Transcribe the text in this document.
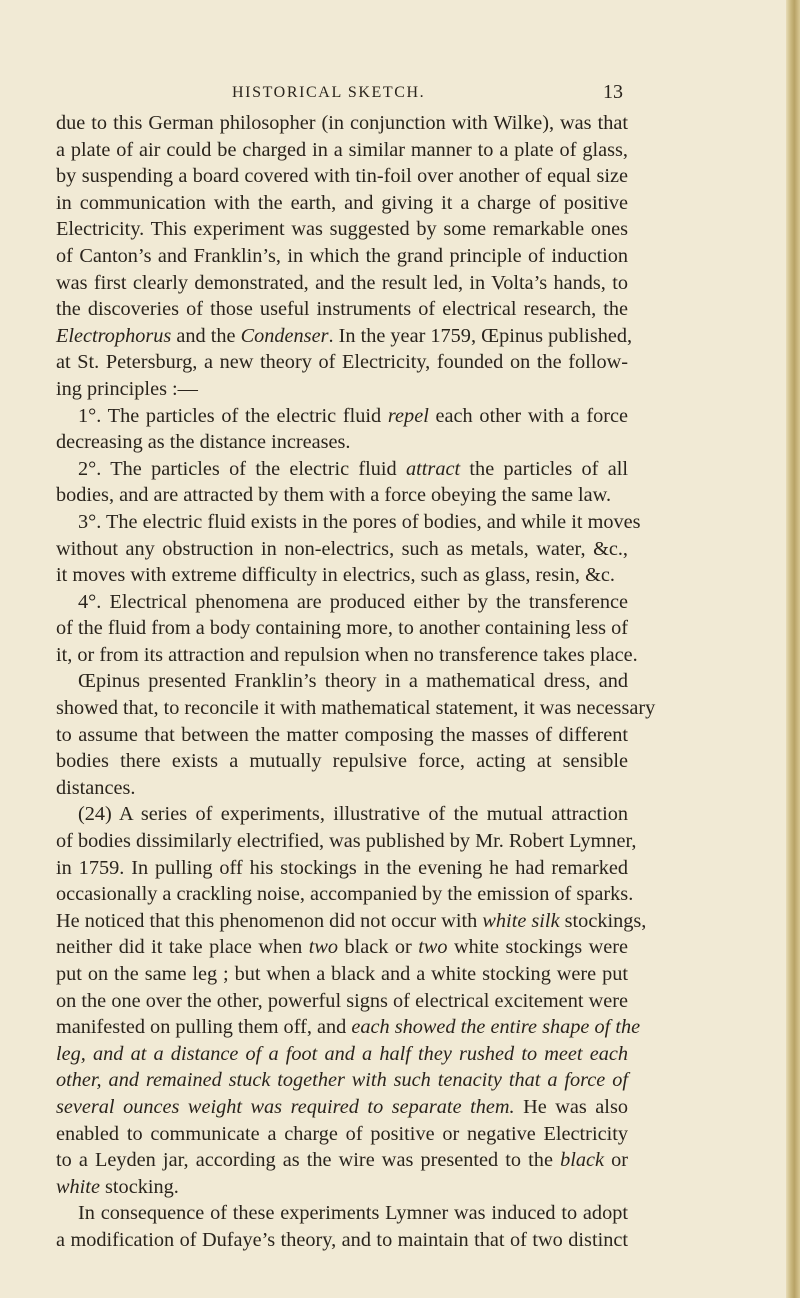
HISTORICAL SKETCH.	13
due to this German philosopher (in conjunction with Wilke), was that
a plate of air could be charged in a similar manner to a plate of glass,
by suspending a board covered with tin-foil over another of equal size
in communication with the earth, and giving it a charge of positive
Electricity. This experiment was suggested by some remarkable ones
of Canton’s and Franklin’s, in which the grand principle of induction
was first clearly demonstrated, and the result led, in Volta’s hands, to
the discoveries of those useful instruments of electrical research, the
Electrophorus and the Condenser. In the year 1759, Œpinus published,
at St. Petersburg, a new theory of Electricity, founded on the follow-
ing principles :—
1°. The particles of the electric fluid repel each other with a force
decreasing as the distance increases.
2°. The particles of the electric fluid attract the particles of all
bodies, and are attracted by them with a force obeying the same law.
3°. The electric fluid exists in the pores of bodies, and while it moves
without any obstruction in non-electrics, such as metals, water, &c.,
it moves with extreme difficulty in electrics, such as glass, resin, &c.
4°. Electrical phenomena are produced either by the transference
of the fluid from a body containing more, to another containing less of
it, or from its attraction and repulsion when no transference takes place.
Œpinus presented Franklin’s theory in a mathematical dress, and
showed that, to reconcile it with mathematical statement, it was necessary
to assume that between the matter composing the masses of different
bodies there exists a mutually repulsive force, acting at sensible
distances.
(24) A series of experiments, illustrative of the mutual attraction
of bodies dissimilarly electrified, was published by Mr. Robert Lymner,
in 1759. In pulling off his stockings in the evening he had remarked
occasionally a crackling noise, accompanied by the emission of sparks.
He noticed that this phenomenon did not occur with white silk stockings,
neither did it take place when two black or two white stockings were
put on the same leg ; but when a black and a white stocking were put
on the one over the other, powerful signs of electrical excitement were
manifested on pulling them off, and each showed the entire shape of the
leg, and at a distance of a foot and a half they rushed to meet each
other, and remained stuck together with such tenacity that a force of
several ounces weight was required to separate them. He was also
enabled to communicate a charge of positive or negative Electricity
to a Leyden jar, according as the wire was presented to the black or
white stocking.
In consequence of these experiments Lymner was induced to adopt
a modification of Dufaye’s theory, and to maintain that of two distinct
